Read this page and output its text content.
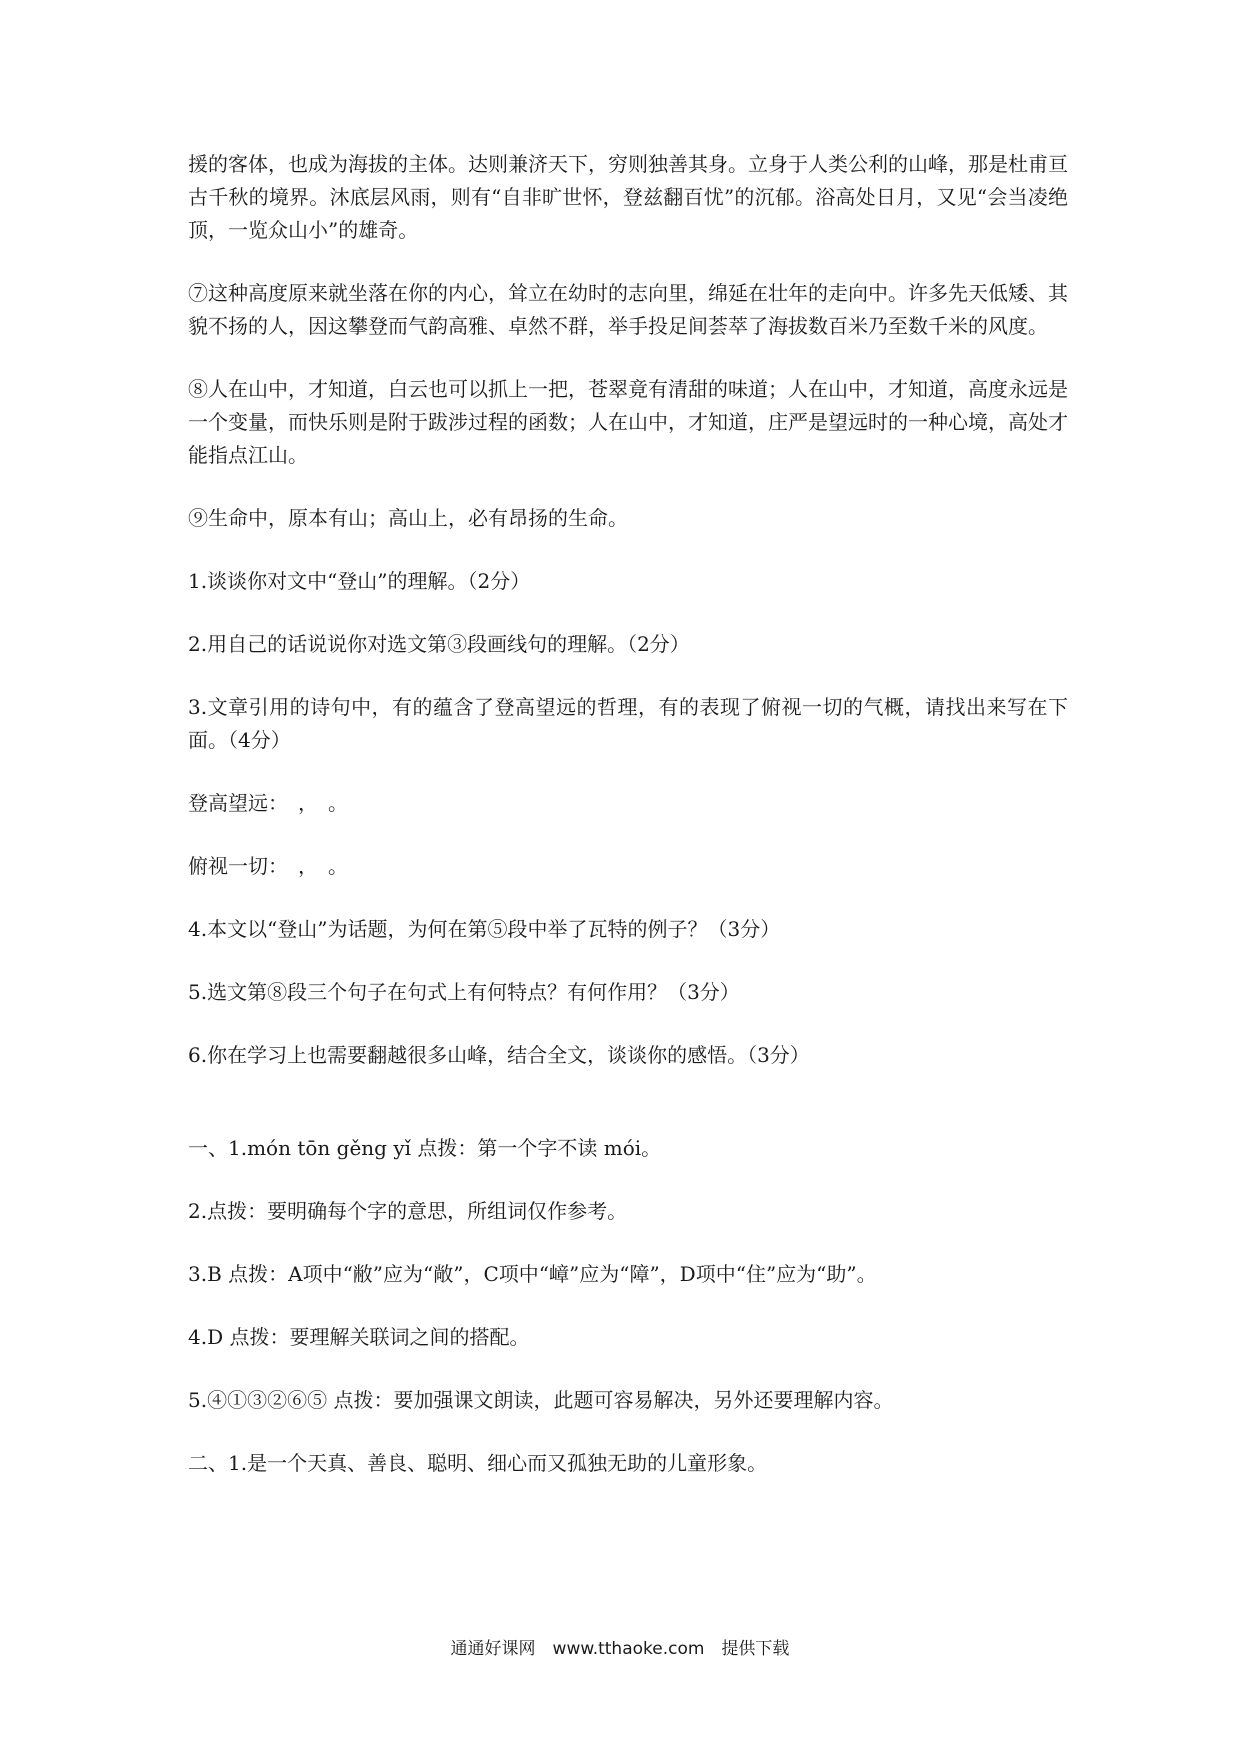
援的客体，也成为海拔的主体。达则兼济天下，穷则独善其身。立身于人类公利的山峰，那是杜甫亘古千秋的境界。沐底层风雨，则有“自非旷世怀，登兹翻百忧”的沉郁。浴高处日月，又见“会当凌绝顶，一览众山小”的雄奇。

⑦这种高度原来就坐落在你的内心，耸立在幼时的志向里，绵延在壮年的走向中。许多先天低矮、其貌不扬的人，因这攀登而气韵高雅、卓然不群，举手投足间荟萃了海拔数百米乃至数千米的风度。

⑧人在山中，才知道，白云也可以抓上一把，苍翠竟有清甜的味道；人在山中，才知道，高度永远是一个变量，而快乐则是附于跋涉过程的函数；人在山中，才知道，庄严是望远时的一种心境，高处才能指点江山。

⑨生命中，原本有山；高山上，必有昂扬的生命。

1.谈谈你对文中“登山”的理解。（2分）

2.用自己的话说说你对选文第③段画线句的理解。（2分）

3.文章引用的诗句中，有的蕴含了登高望远的哲理，有的表现了俯视一切的气概，请找出来写在下面。（4分）

登高望远：　，　。

俯视一切：　，　。

4.本文以“登山”为话题，为何在第⑤段中举了瓦特的例子？（3分）

5.选文第⑧段三个句子在句式上有何特点？有何作用？（3分）

6.你在学习上也需要翻越很多山峰，结合全文，谈谈你的感悟。（3分）

一、1.món tōn gěng yǐ 点拨：第一个字不读 mói。

2.点拨：要明确每个字的意思，所组词仅作参考。

3.B 点拨：A项中“敝”应为“敞”，C项中“嶂”应为“障”，D项中“住”应为“助”。

4.D 点拨：要理解关联词之间的搭配。

5.④①③②⑥⑤ 点拨：要加强课文朗读，此题可容易解决，另外还要理解内容。

二、1.是一个天真、善良、聪明、细心而又孤独无助的儿童形象。

通通好课网　www.tthaoke.com　提供下载
